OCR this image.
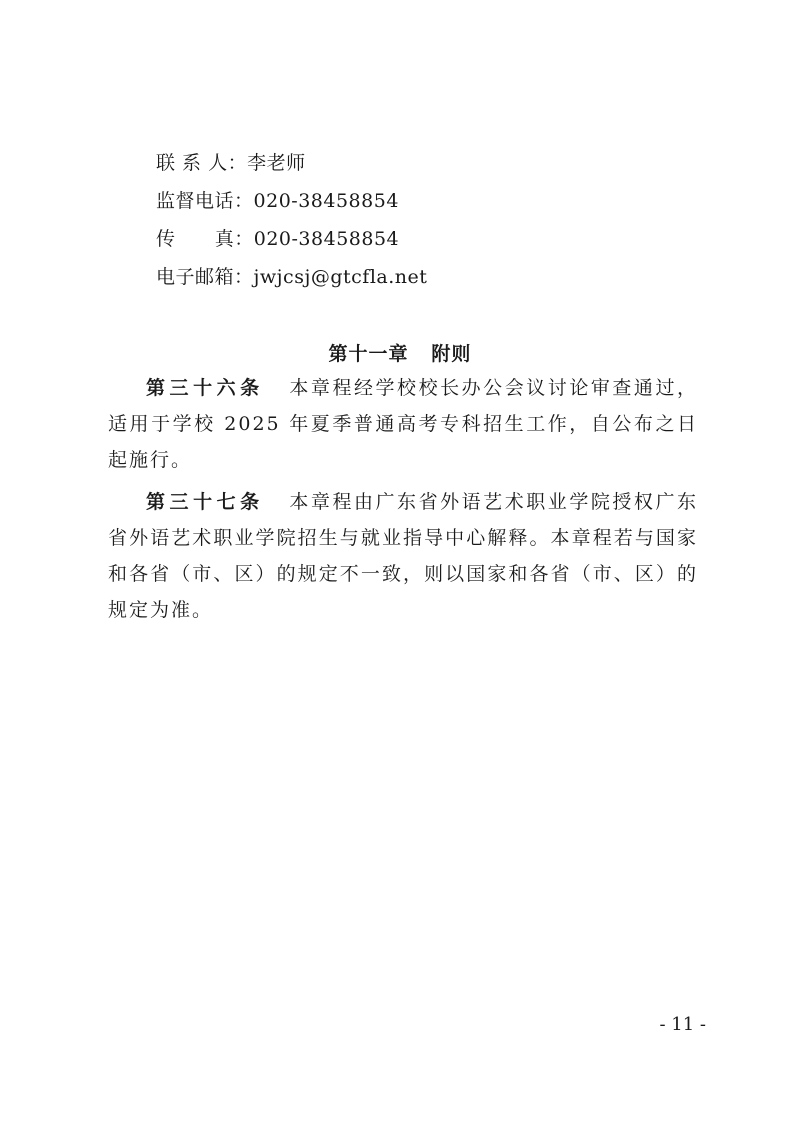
联 系 人：李老师
监督电话：020-38458854
传      真：020-38458854
电子邮箱：jwjcsj@gtcfla.net
第十一章 附则
第三十六条 本章程经学校校长办公会议讨论审查通过，适用于学校 2025 年夏季普通高考专科招生工作，自公布之日起施行。
第三十七条 本章程由广东省外语艺术职业学院授权广东省外语艺术职业学院招生与就业指导中心解释。本章程若与国家和各省（市、区）的规定不一致，则以国家和各省（市、区）的规定为准。
- 11 -
